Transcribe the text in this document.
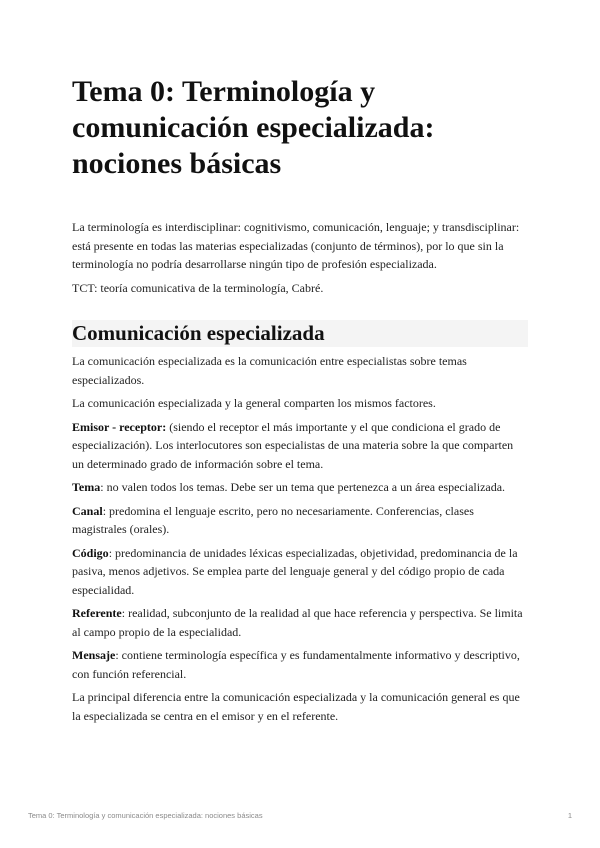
Tema 0: Terminología y comunicación especializada: nociones básicas

La terminología es interdisciplinar: cognitivismo, comunicación, lenguaje; y transdisciplinar: está presente en todas las materias especializadas (conjunto de términos), por lo que sin la terminología no podría desarrollarse ningún tipo de profesión especializada.

TCT: teoría comunicativa de la terminología, Cabré.

Comunicación especializada

La comunicación especializada es la comunicación entre especialistas sobre temas especializados.

La comunicación especializada y la general comparten los mismos factores.

Emisor - receptor: (siendo el receptor el más importante y el que condiciona el grado de especialización). Los interlocutores son especialistas de una materia sobre la que comparten un determinado grado de información sobre el tema.

Tema: no valen todos los temas. Debe ser un tema que pertenezca a un área especializada.

Canal: predomina el lenguaje escrito, pero no necesariamente. Conferencias, clases magistrales (orales).

Código: predominancia de unidades léxicas especializadas, objetividad, predominancia de la pasiva, menos adjetivos. Se emplea parte del lenguaje general y del código propio de cada especialidad.

Referente: realidad, subconjunto de la realidad al que hace referencia y perspectiva. Se limita al campo propio de la especialidad.

Mensaje: contiene terminología específica y es fundamentalmente informativo y descriptivo, con función referencial.

La principal diferencia entre la comunicación especializada y la comunicación general es que la especializada se centra en el emisor y en el referente.

Tema 0: Terminología y comunicación especializada: nociones básicas	1
